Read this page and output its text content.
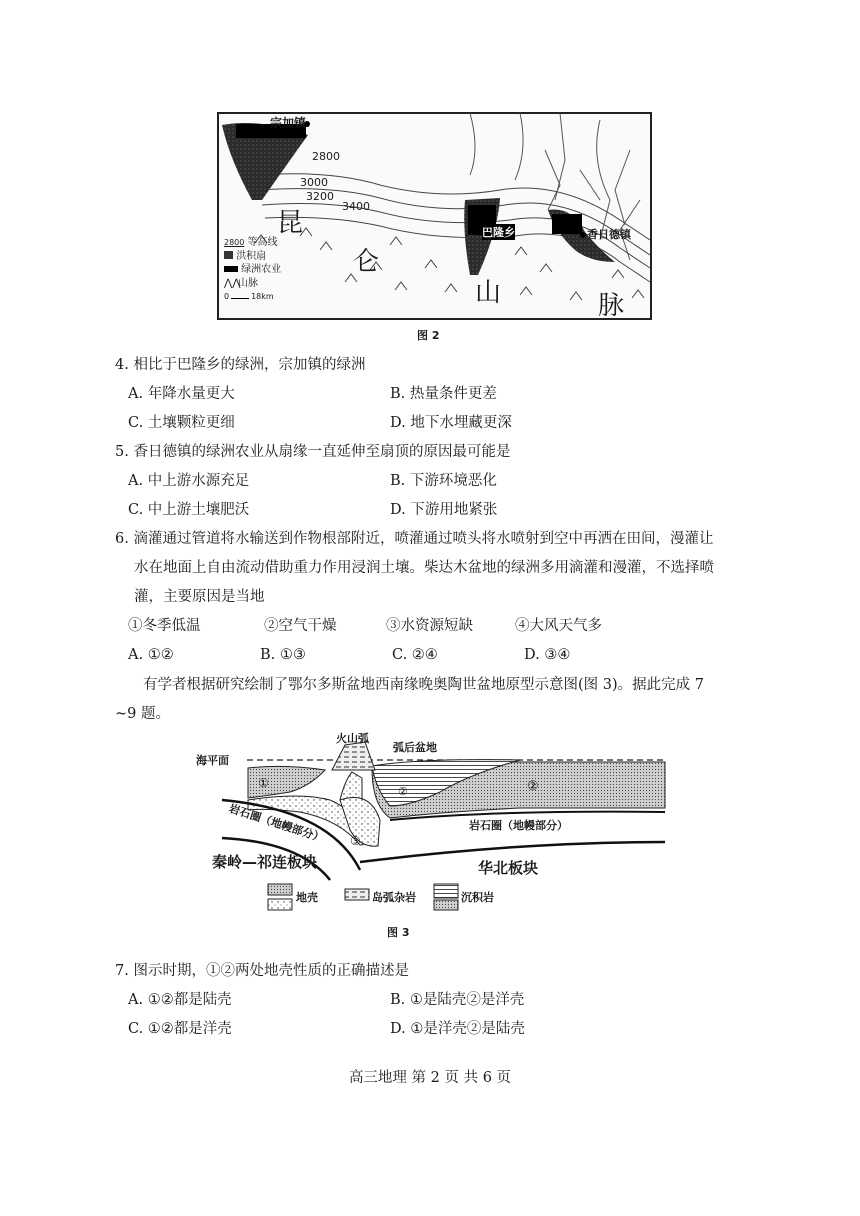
宗加镇
巴隆乡	香日德镇
2800
3000
3200
3400
昆
仑
山	脉
2800 等高线
洪积扇
绿洲农业
⋀⋀山脉
0	18km
图 2
4. 相比于巴隆乡的绿洲，宗加镇的绿洲
A. 年降水量更大	B. 热量条件更差
C. 土壤颗粒更细	D. 地下水埋藏更深
5. 香日德镇的绿洲农业从扇缘一直延伸至扇顶的原因最可能是
A. 中上游水源充足	B. 下游环境恶化
C. 中上游土壤肥沃	D. 下游用地紧张
6. 滴灌通过管道将水输送到作物根部附近，喷灌通过喷头将水喷射到空中再洒在田间，漫灌让
水在地面上自由流动借助重力作用浸润土壤。柴达木盆地的绿洲多用滴灌和漫灌，不选择喷
灌，主要原因是当地
①冬季低温	②空气干燥	③水资源短缺	④大风天气多
A. ①②	B. ①③	C. ②④	D. ③④
有学者根据研究绘制了鄂尔多斯盆地西南缘晚奥陶世盆地原型示意图(图 3)。据此完成 7
~9 题。
火山弧
弧后盆地
海平面
①	②
②
③
岩石圈（地幔部分）	岩石圈（地幔部分）
秦岭—祁连板块	华北板块
地壳	岛弧杂岩	沉积岩
图 3
7. 图示时期，①②两处地壳性质的正确描述是
A. ①②都是陆壳	B. ①是陆壳②是洋壳
C. ①②都是洋壳	D. ①是洋壳②是陆壳
高三地理 第 2 页 共 6 页
